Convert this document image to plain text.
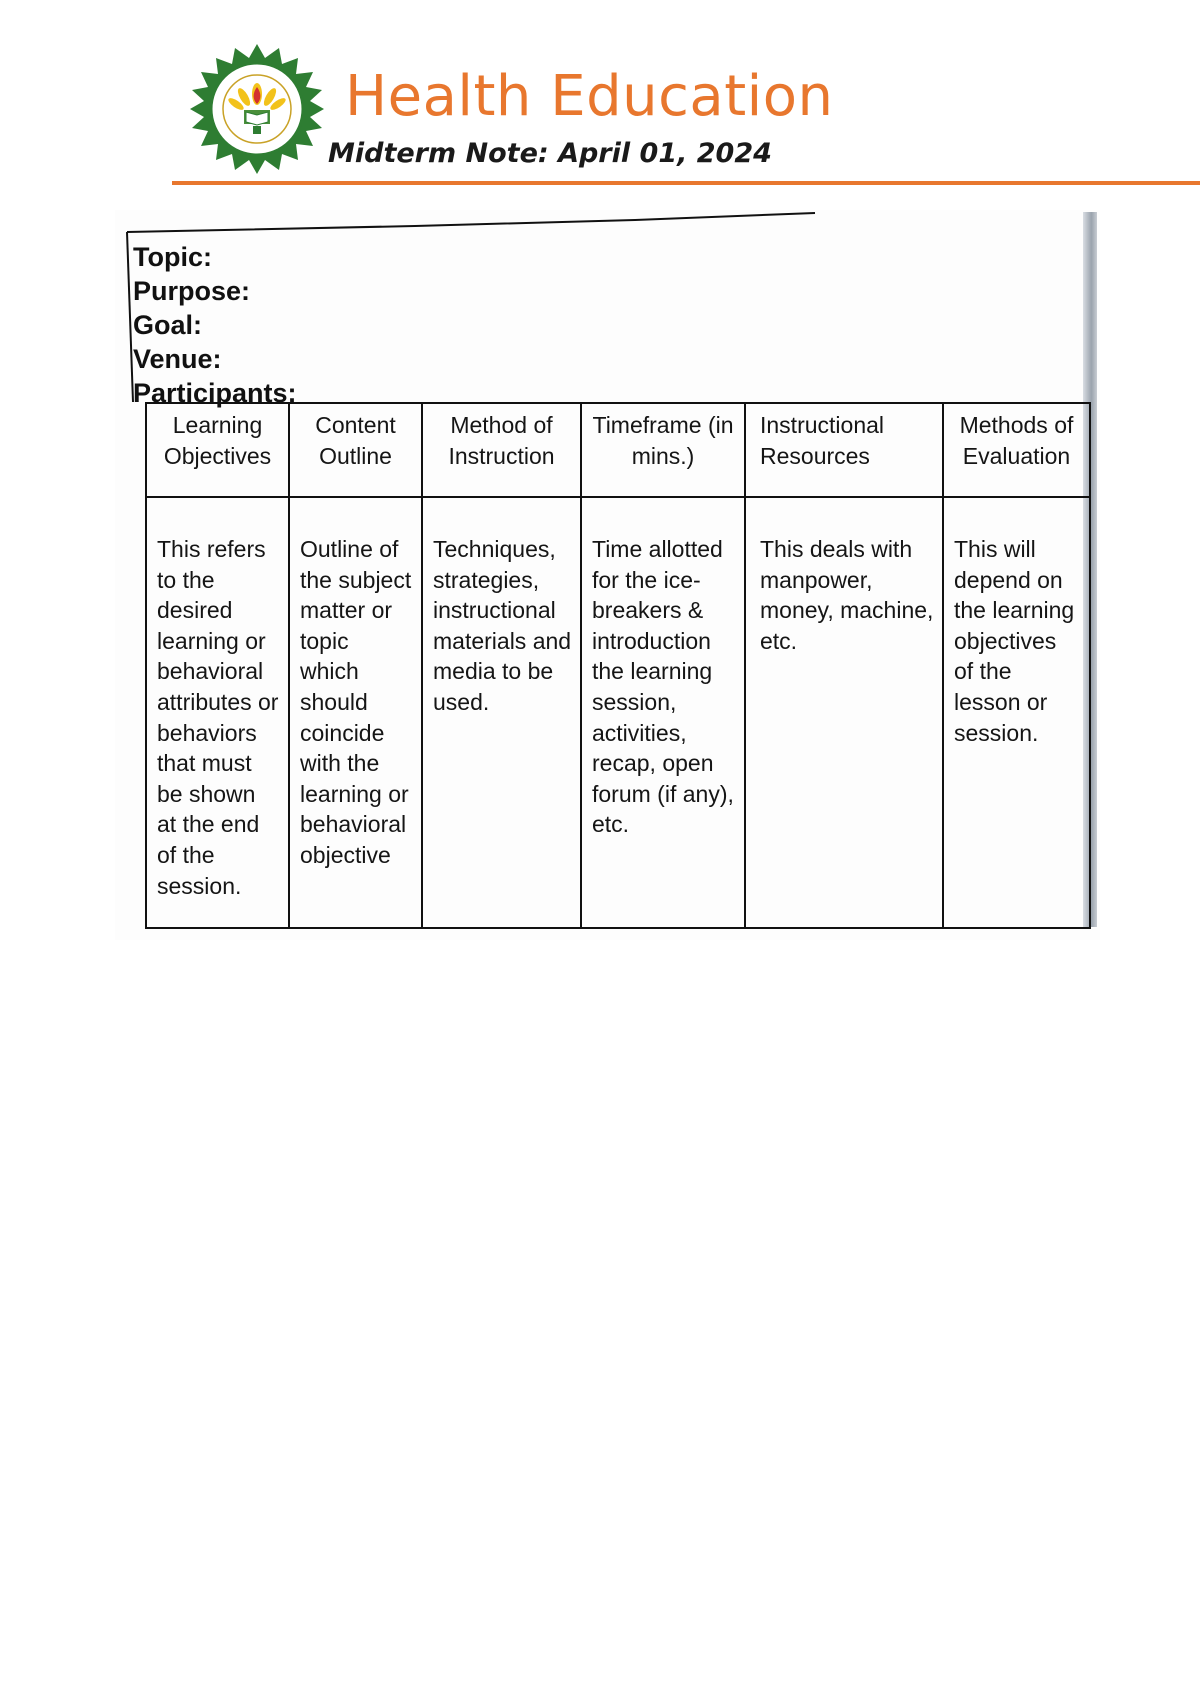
Health Education
Midterm Note: April 01, 2024
Topic:
Purpose:
Goal:
Venue:
Participants:
Learning Objectives
Content Outline
Method of Instruction
Timeframe (in mins.)
Instructional Resources
Methods of Evaluation
This refers to the desired learning or behavioral attributes or behaviors that must be shown at the end of the session.
Outline of the subject matter or topic which should coincide with the learning or behavioral objective
Techniques, strategies, instructional materials and media to be used.
Time allotted for the ice-breakers & introduction the learning session, activities, recap, open forum (if any), etc.
This deals with manpower, money, machine, etc.
This will depend on the learning objectives of the lesson or session.
